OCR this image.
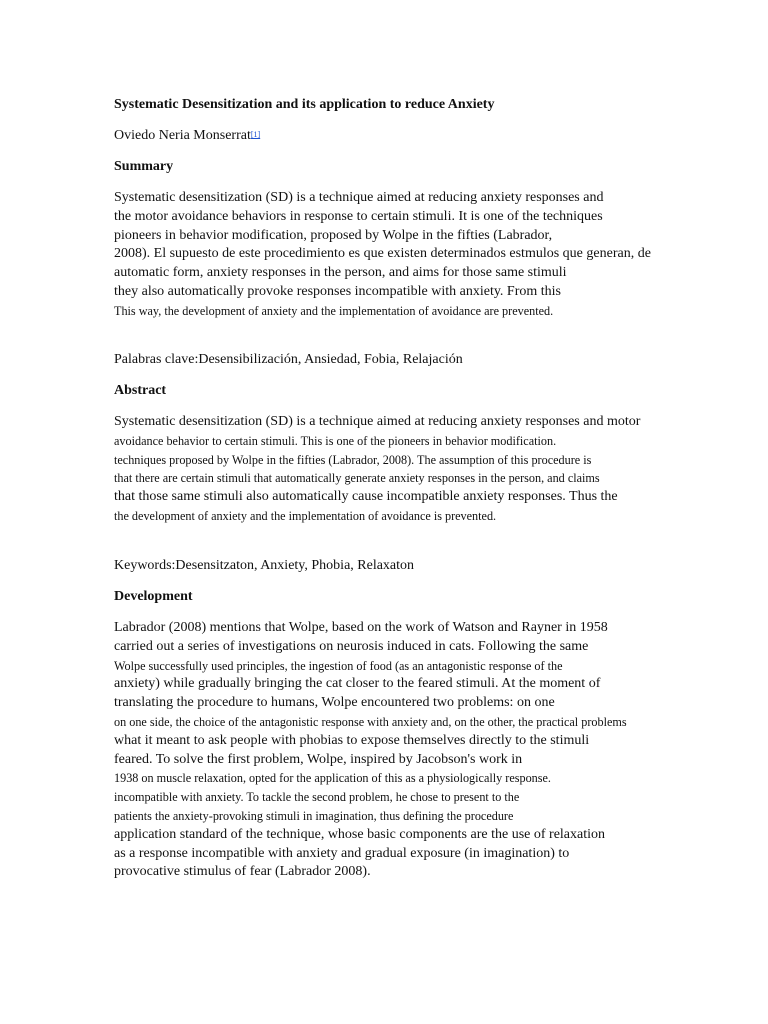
Systematic Desensitization and its application to reduce Anxiety
Oviedo Neria Monserrat[1]
Summary
Systematic desensitization (SD) is a technique aimed at reducing anxiety responses and
the motor avoidance behaviors in response to certain stimuli. It is one of the techniques
pioneers in behavior modification, proposed by Wolpe in the fifties (Labrador,
2008). El supuesto de este procedimiento es que existen determinados estmulos que generan, de
automatic form, anxiety responses in the person, and aims for those same stimuli
they also automatically provoke responses incompatible with anxiety. From this
This way, the development of anxiety and the implementation of avoidance are prevented.
Palabras clave:Desensibilización, Ansiedad, Fobia, Relajación
Abstract
Systematic desensitization (SD) is a technique aimed at reducing anxiety responses and motor
avoidance behavior to certain stimuli. This is one of the pioneers in behavior modification.
techniques proposed by Wolpe in the fifties (Labrador, 2008). The assumption of this procedure is
that there are certain stimuli that automatically generate anxiety responses in the person, and claims
that those same stimuli also automatically cause incompatible anxiety responses. Thus the
the development of anxiety and the implementation of avoidance is prevented.
Keywords:Desensitzaton, Anxiety, Phobia, Relaxaton
Development
Labrador (2008) mentions that Wolpe, based on the work of Watson and Rayner in 1958
carried out a series of investigations on neurosis induced in cats. Following the same
Wolpe successfully used principles, the ingestion of food (as an antagonistic response of the
anxiety) while gradually bringing the cat closer to the feared stimuli. At the moment of
translating the procedure to humans, Wolpe encountered two problems: on one
on one side, the choice of the antagonistic response with anxiety and, on the other, the practical problems
what it meant to ask people with phobias to expose themselves directly to the stimuli
feared. To solve the first problem, Wolpe, inspired by Jacobson's work in
1938 on muscle relaxation, opted for the application of this as a physiologically response.
incompatible with anxiety. To tackle the second problem, he chose to present to the
patients the anxiety-provoking stimuli in imagination, thus defining the procedure
application standard of the technique, whose basic components are the use of relaxation
as a response incompatible with anxiety and gradual exposure (in imagination) to
provocative stimulus of fear (Labrador 2008).
